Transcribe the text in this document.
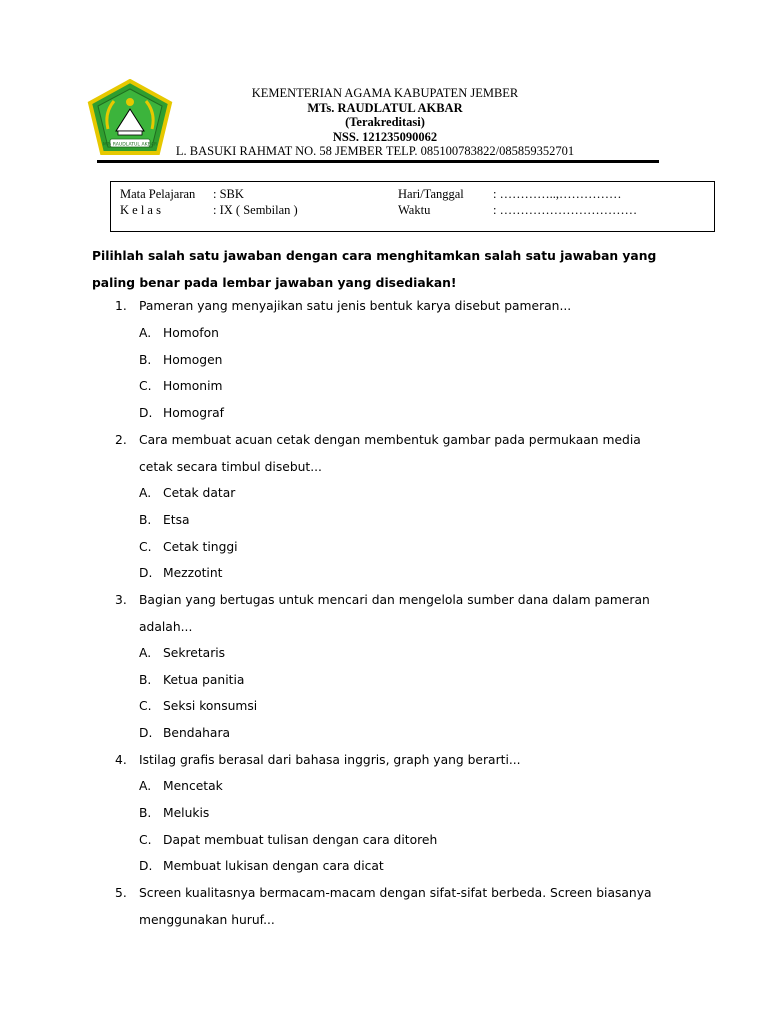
MTs RAUDLATUL AKBAR
KEMENTERIAN AGAMA KABUPATEN JEMBER
MTs. RAUDLATUL AKBAR
(Terakreditasi)
NSS. 121235090062
L. BASUKI RAHMAT NO. 58 JEMBER TELP. 085100783822/085859352701
Mata Pelajaran : SBK
K e l a s	: IX ( Sembilan )
Hari/Tanggal : …………..,……………
Waktu	: ……………………………
Pilihlah salah satu jawaban dengan cara menghitamkan salah satu jawaban yang paling benar pada lembar jawaban yang disediakan!
1. Pameran yang menyajikan satu jenis bentuk karya disebut pameran...
A. Homofon
B. Homogen
C. Homonim
D. Homograf
2. Cara membuat acuan cetak dengan membentuk gambar pada permukaan media
cetak secara timbul disebut...
A. Cetak datar
B. Etsa
C. Cetak tinggi
D. Mezzotint
3. Bagian yang bertugas untuk mencari dan mengelola sumber dana dalam pameran
adalah...
A. Sekretaris
B. Ketua panitia
C. Seksi konsumsi
D. Bendahara
4. Istilag grafis berasal dari bahasa inggris, graph yang berarti...
A. Mencetak
B. Melukis
C. Dapat membuat tulisan dengan cara ditoreh
D. Membuat lukisan dengan cara dicat
5. Screen kualitasnya bermacam-macam dengan sifat-sifat berbeda. Screen biasanya
menggunakan huruf...
